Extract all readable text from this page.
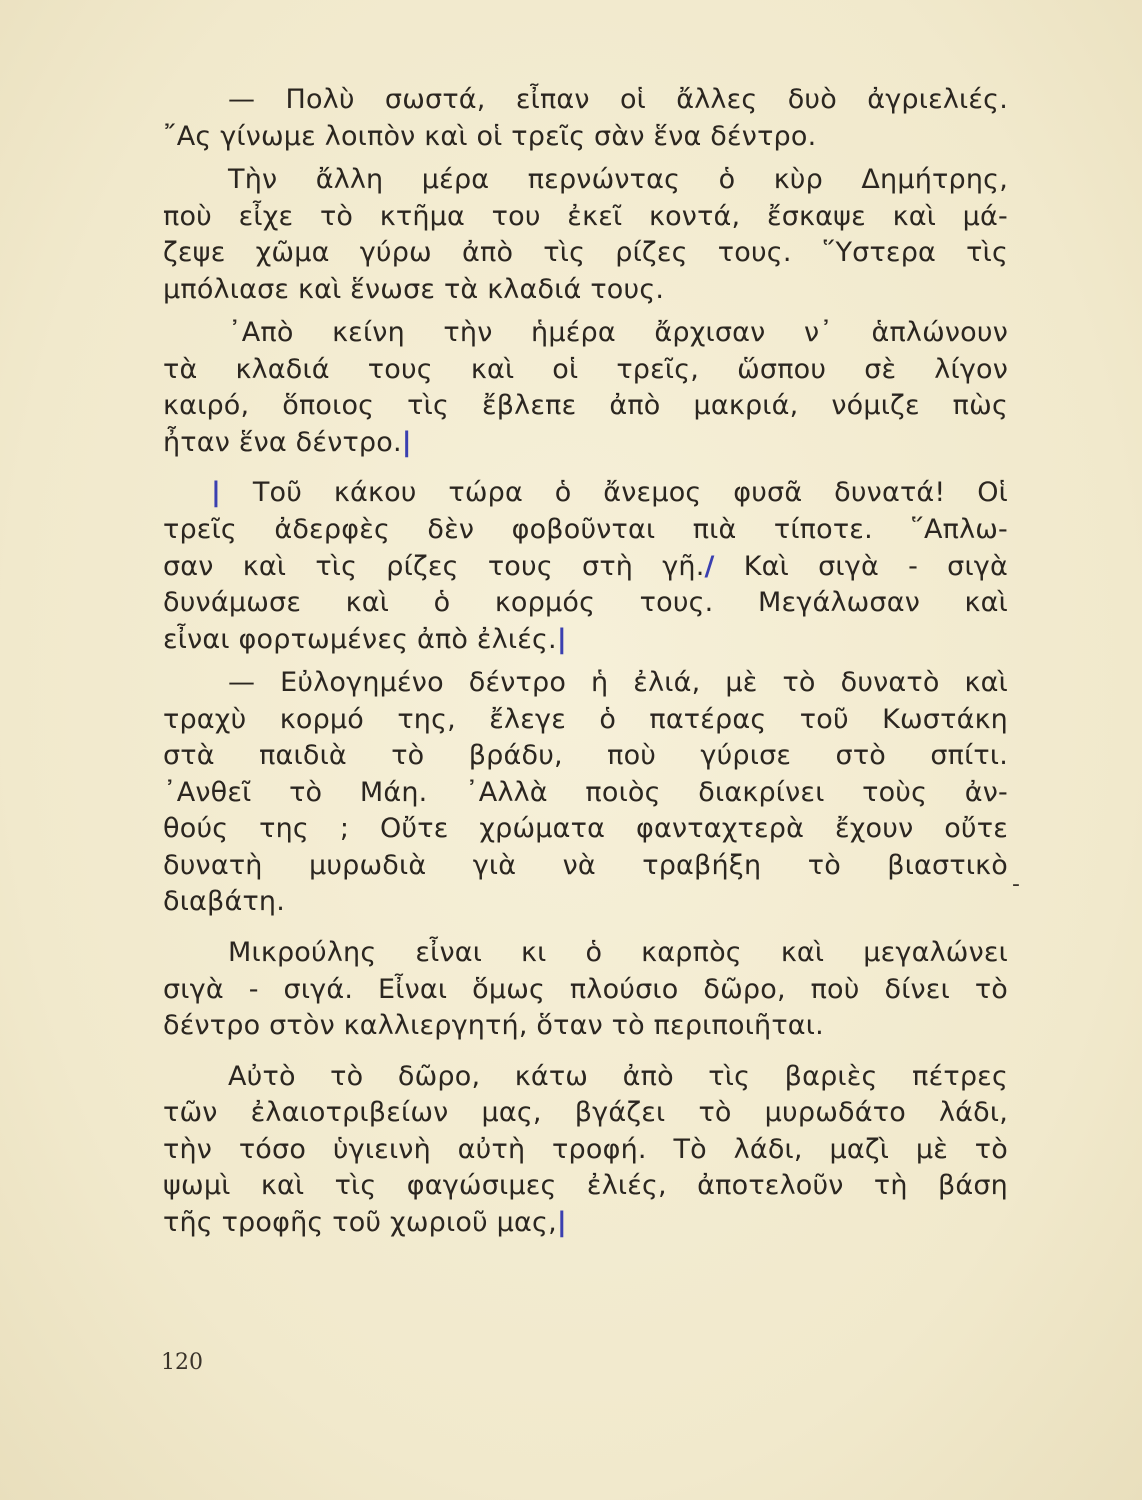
— Πολὺ σωστά, εἶπαν οἱ ἄλλες δυὸ ἀγριελιές.
῎Ας γίνωμε λοιπὸν καὶ οἱ τρεῖς σὰν ἕνα δέντρο.
Τὴν ἄλλη μέρα περνώντας ὁ κὺρ Δημήτρης,
ποὺ εἶχε τὸ κτῆμα του ἐκεῖ κοντά, ἔσκαψε καὶ μά-
ζεψε χῶμα γύρω ἀπὸ τὶς ρίζες τους. ῞Υστερα τὶς
μπόλιασε καὶ ἕνωσε τὰ κλαδιά τους.
᾿Απὸ κείνη τὴν ἡμέρα ἄρχισαν ν᾿ ἁπλώνουν
τὰ κλαδιά τους καὶ οἱ τρεῖς, ὥσπου σὲ λίγον
καιρό, ὅποιος τὶς ἔβλεπε ἀπὸ μακριά, νόμιζε πὼς
ἦταν ἕνα δέντρο.|
| Τοῦ κάκου τώρα ὁ ἄνεμος φυσᾶ δυνατά! Οἱ
τρεῖς ἀδερφὲς δὲν φοβοῦνται πιὰ τίποτε. ῞Απλω-
σαν καὶ τὶς ρίζες τους στὴ γῆ./ Καὶ σιγὰ - σιγὰ
δυνάμωσε καὶ ὁ κορμός τους. Μεγάλωσαν καὶ
εἶναι φορτωμένες ἀπὸ ἐλιές.|
— Εὐλογημένο δέντρο ἡ ἐλιά, μὲ τὸ δυνατὸ καὶ
τραχὺ κορμό της, ἔλεγε ὁ πατέρας τοῦ Κωστάκη
στὰ παιδιὰ τὸ βράδυ, ποὺ γύρισε στὸ σπίτι.
᾿Ανθεῖ τὸ Μάη. ᾿Αλλὰ ποιὸς διακρίνει τοὺς ἀν-
θούς της ; Οὔτε χρώματα φανταχτερὰ ἔχουν οὔτε
δυνατὴ μυρωδιὰ γιὰ νὰ τραβήξη τὸ βιαστικὸ
διαβάτη.
Μικρούλης εἶναι κι ὁ καρπὸς καὶ μεγαλώνει
σιγὰ - σιγά. Εἶναι ὅμως πλούσιο δῶρο, ποὺ δίνει τὸ
δέντρο στὸν καλλιεργητή, ὅταν τὸ περιποιῆται.
Αὐτὸ τὸ δῶρο, κάτω ἀπὸ τὶς βαριὲς πέτρες
τῶν ἐλαιοτριβείων μας, βγάζει τὸ μυρωδάτο λάδι,
τὴν τόσο ὑγιεινὴ αὐτὴ τροφή. Τὸ λάδι, μαζὶ μὲ τὸ
ψωμὶ καὶ τὶς φαγώσιμες ἐλιές, ἀποτελοῦν τὴ βάση
τῆς τροφῆς τοῦ χωριοῦ μας,|
‑
120
